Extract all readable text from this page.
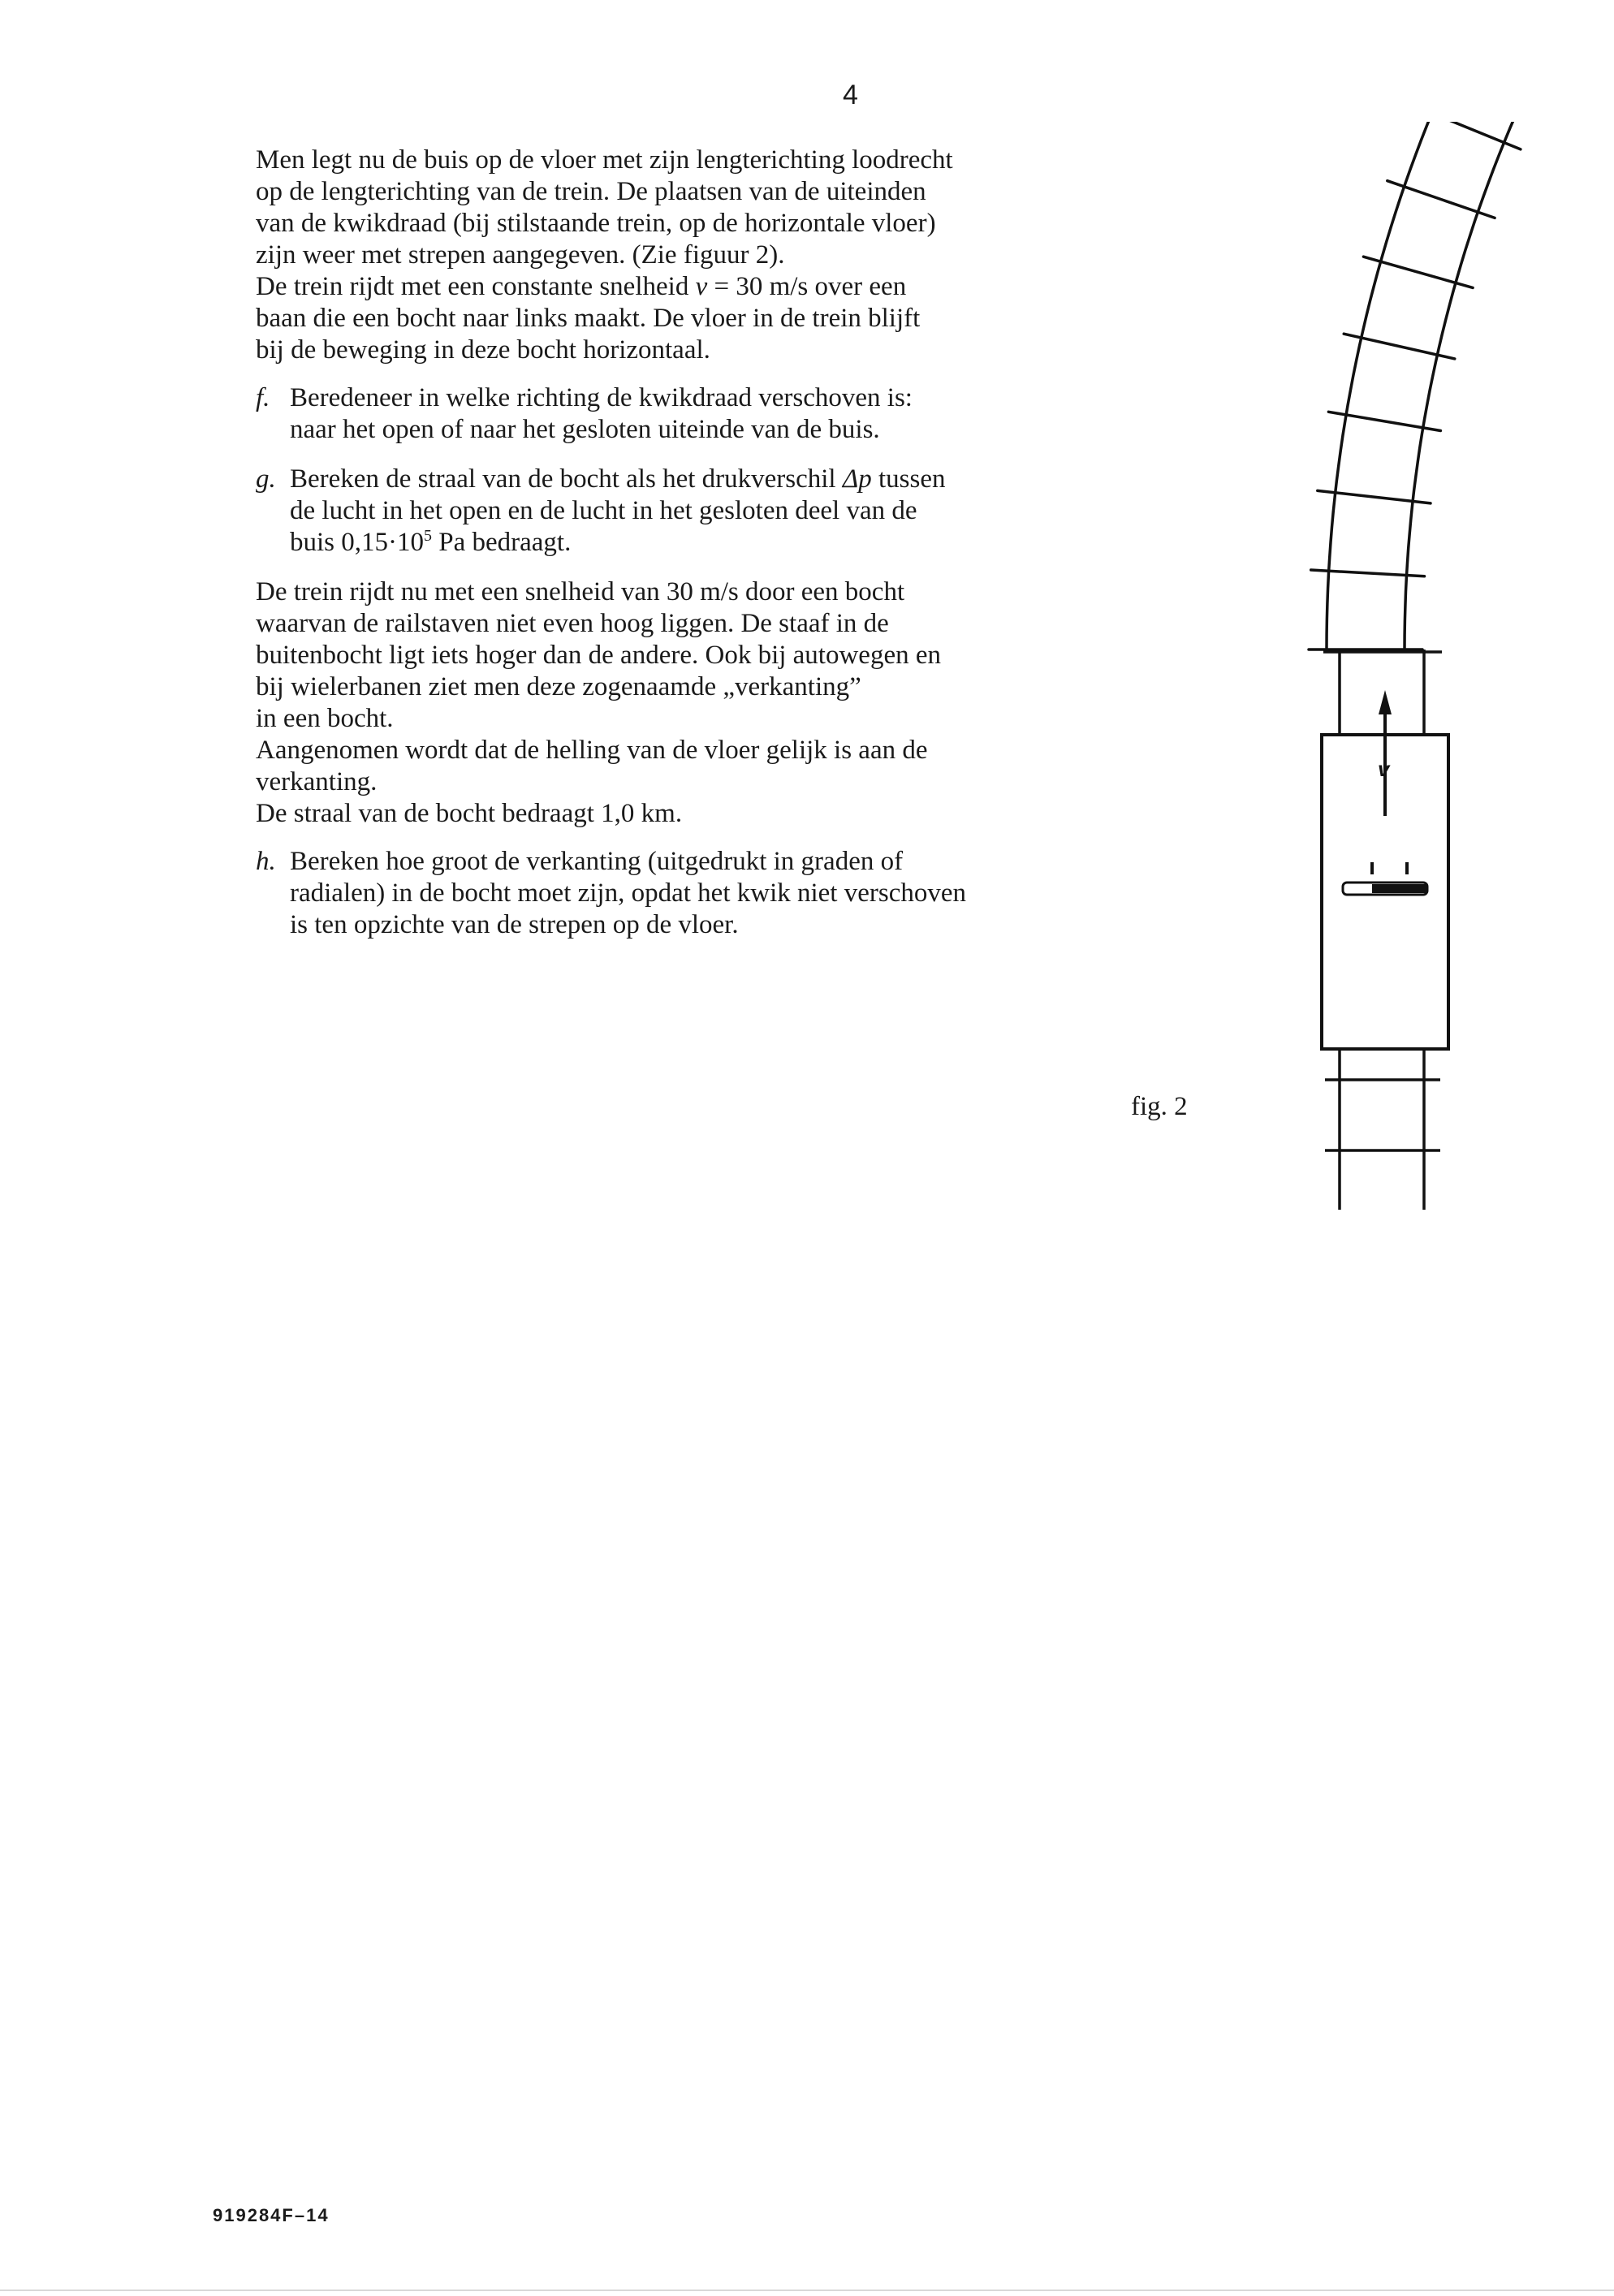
4

Men legt nu de buis op de vloer met zijn lengterichting loodrecht
op de lengterichting van de trein. De plaatsen van de uiteinden
van de kwikdraad (bij stilstaande trein, op de horizontale vloer)
zijn weer met strepen aangegeven. (Zie figuur 2).
De trein rijdt met een constante snelheid v = 30 m/s over een
baan die een bocht naar links maakt. De vloer in de trein blijft
bij de beweging in deze bocht horizontaal.

f. Beredeneer in welke richting de kwikdraad verschoven is:
naar het open of naar het gesloten uiteinde van de buis.
g. Bereken de straal van de bocht als het drukverschil Δp tussen
de lucht in het open en de lucht in het gesloten deel van de
buis $0,15\cdot 10^5$ Pa bedraagt.

De trein rijdt nu met een snelheid van 30 m/s door een bocht
waarvan de railstaven niet even hoog liggen. De staaf in de
buitenbocht ligt iets hoger dan de andere. Ook bij autowegen en
bij wielerbanen ziet men deze zogenaamde „verkanting”
in een bocht.
Aangenomen wordt dat de helling van de vloer gelijk is aan de
verkanting.
De straal van de bocht bedraagt 1,0 km.

h. Bereken hoe groot de verkanting (uitgedrukt in graden of
radialen) in de bocht moet zijn, opdat het kwik niet verschoven
is ten opzichte van de strepen op de vloer.
v
fig. 2
919284F–14
